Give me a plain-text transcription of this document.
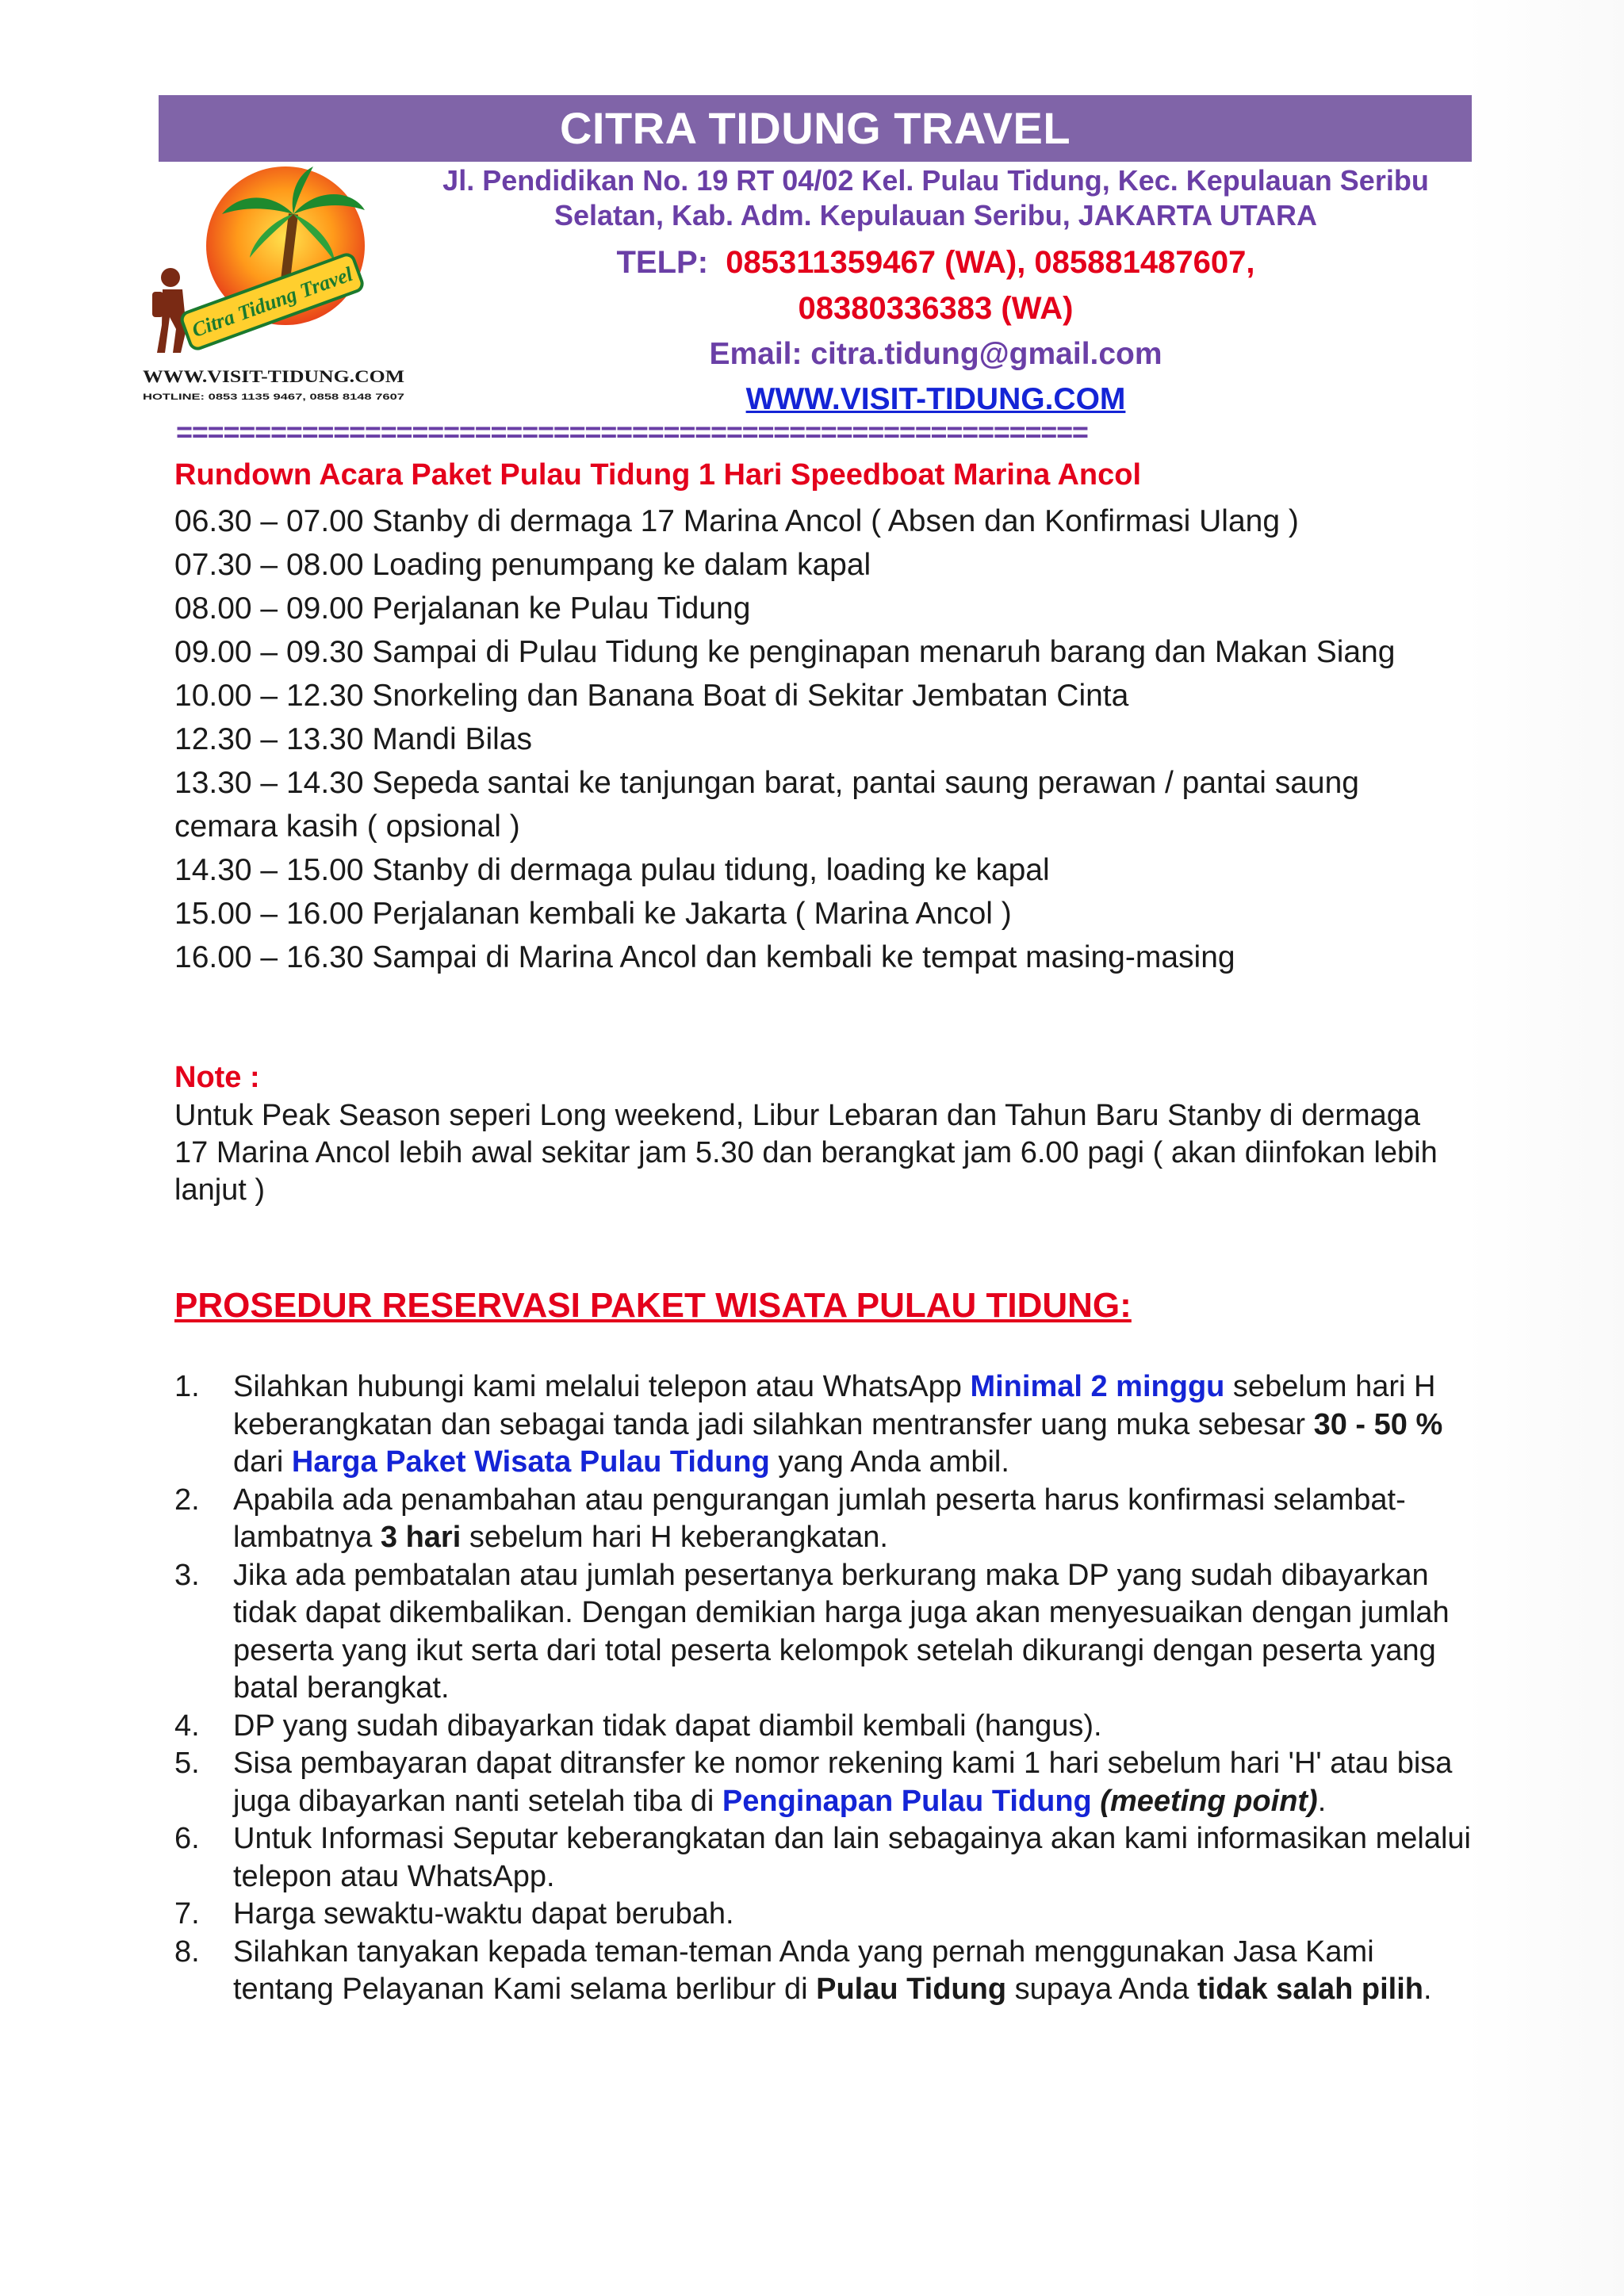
CITRA TIDUNG TRAVEL
Citra Tidung Travel
WWW.VISIT-TIDUNG.COM
HOTLINE: 0853 1135 9467, 0858 8148 7607
Jl. Pendidikan No. 19 RT 04/02 Kel. Pulau Tidung, Kec. Kepulauan Seribu
Selatan, Kab. Adm. Kepulauan Seribu, JAKARTA UTARA
TELP: 085311359467 (WA), 085881487607,
08380336383 (WA)
Email: citra.tidung@gmail.com
WWW.VISIT-TIDUNG.COM
==========================================================
Rundown Acara Paket Pulau Tidung 1 Hari Speedboat Marina Ancol
06.30 – 07.00 Stanby di dermaga 17 Marina Ancol ( Absen dan Konfirmasi Ulang )
07.30 – 08.00 Loading penumpang ke dalam kapal
08.00 – 09.00 Perjalanan ke Pulau Tidung
09.00 – 09.30 Sampai di Pulau Tidung ke penginapan menaruh barang dan Makan Siang
10.00 – 12.30 Snorkeling dan Banana Boat di Sekitar Jembatan Cinta
12.30 – 13.30 Mandi Bilas
13.30 – 14.30 Sepeda santai ke tanjungan barat, pantai saung perawan / pantai saung cemara kasih ( opsional )
14.30 – 15.00 Stanby di dermaga pulau tidung, loading ke kapal
15.00 – 16.00 Perjalanan kembali ke Jakarta ( Marina Ancol )
16.00 – 16.30 Sampai di Marina Ancol dan kembali ke tempat masing-masing
Note :
Untuk Peak Season seperi Long weekend, Libur Lebaran dan Tahun Baru Stanby di dermaga 17 Marina Ancol lebih awal sekitar jam 5.30 dan berangkat jam 6.00 pagi ( akan diinfokan lebih lanjut )
PROSEDUR RESERVASI PAKET WISATA PULAU TIDUNG:
1. Silahkan hubungi kami melalui telepon atau WhatsApp Minimal 2 minggu sebelum hari H keberangkatan dan sebagai tanda jadi silahkan mentransfer uang muka sebesar 30 - 50 % dari Harga Paket Wisata Pulau Tidung yang Anda ambil.
2. Apabila ada penambahan atau pengurangan jumlah peserta harus konfirmasi selambat-lambatnya 3 hari sebelum hari H keberangkatan.
3. Jika ada pembatalan atau jumlah pesertanya berkurang maka DP yang sudah dibayarkan tidak dapat dikembalikan. Dengan demikian harga juga akan menyesuaikan dengan jumlah peserta yang ikut serta dari total peserta kelompok setelah dikurangi dengan peserta yang batal berangkat.
4. DP yang sudah dibayarkan tidak dapat diambil kembali (hangus).
5. Sisa pembayaran dapat ditransfer ke nomor rekening kami 1 hari sebelum hari 'H' atau bisa juga dibayarkan nanti setelah tiba di Penginapan Pulau Tidung (meeting point).
6. Untuk Informasi Seputar keberangkatan dan lain sebagainya akan kami informasikan melalui telepon atau WhatsApp.
7. Harga sewaktu-waktu dapat berubah.
8. Silahkan tanyakan kepada teman-teman Anda yang pernah menggunakan Jasa Kami tentang Pelayanan Kami selama berlibur di Pulau Tidung supaya Anda tidak salah pilih.
